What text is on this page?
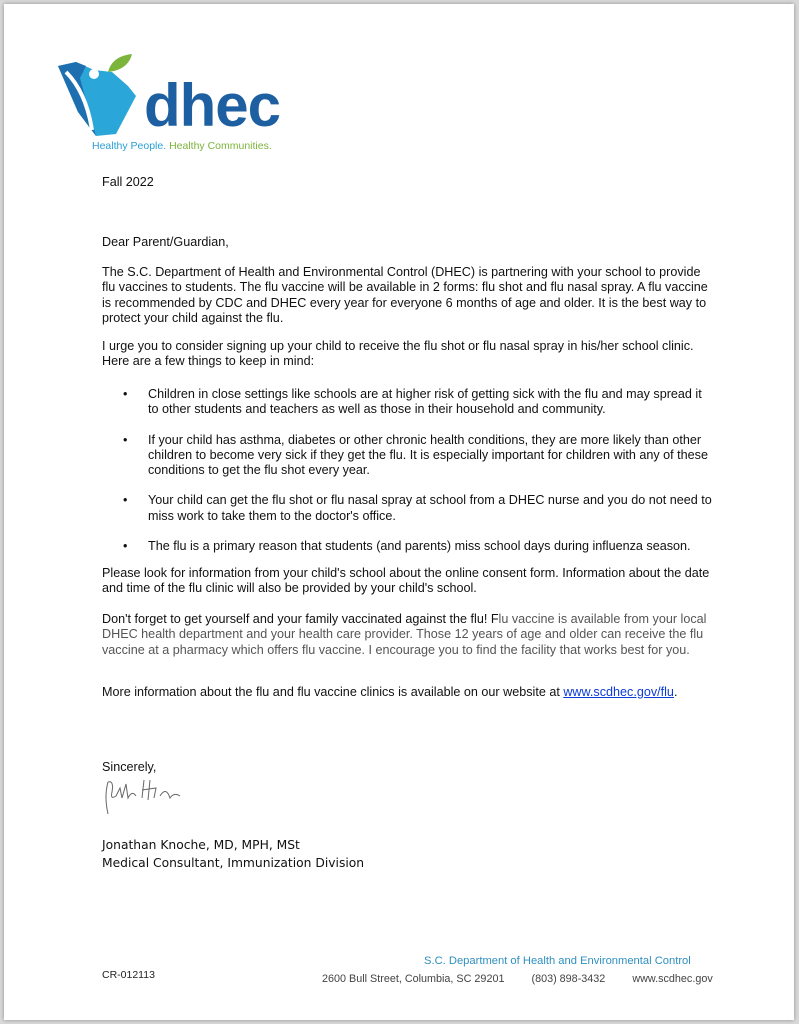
dhec
Healthy People. Healthy Communities.
Fall 2022
Dear Parent/Guardian,
The S.C. Department of Health and Environmental Control (DHEC) is partnering with your school to provide flu vaccines to students. The flu vaccine will be available in 2 forms: flu shot and flu nasal spray. A flu vaccine is recommended by CDC and DHEC every year for everyone 6 months of age and older. It is the best way to protect your child against the flu.
I urge you to consider signing up your child to receive the flu shot or flu nasal spray in his/her school clinic. Here are a few things to keep in mind:
• Children in close settings like schools are at higher risk of getting sick with the flu and may spread it to other students and teachers as well as those in their household and community.
• If your child has asthma, diabetes or other chronic health conditions, they are more likely than other children to become very sick if they get the flu. It is especially important for children with any of these conditions to get the flu shot every year.
• Your child can get the flu shot or flu nasal spray at school from a DHEC nurse and you do not need to miss work to take them to the doctor's office.
• The flu is a primary reason that students (and parents) miss school days during influenza season.
Please look for information from your child's school about the online consent form. Information about the date and time of the flu clinic will also be provided by your child's school.
Don't forget to get yourself and your family vaccinated against the flu! Flu vaccine is available from your local DHEC health department and your health care provider. Those 12 years of age and older can receive the flu vaccine at a pharmacy which offers flu vaccine. I encourage you to find the facility that works best for you.
More information about the flu and flu vaccine clinics is available on our website at www.scdhec.gov/flu.
Sincerely,
Jonathan Knoche, MD, MPH, MSt
Medical Consultant, Immunization Division
CR-012113
S.C. Department of Health and Environmental Control
2600 Bull Street, Columbia, SC 29201	(803) 898-3432	www.scdhec.gov
